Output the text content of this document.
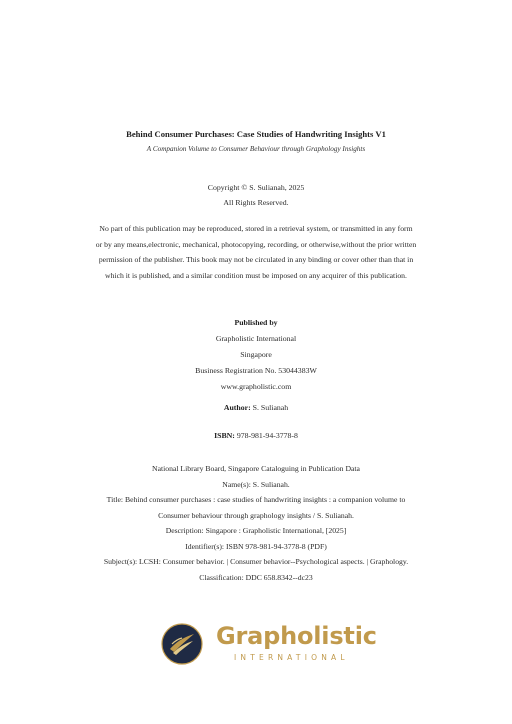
Behind Consumer Purchases: Case Studies of Handwriting Insights V1
A Companion Volume to Consumer Behaviour through Graphology Insights
Copyright © S. Sulianah, 2025
All Rights Reserved.
No part of this publication may be reproduced, stored in a retrieval system, or transmitted in any form
or by any means,electronic, mechanical, photocopying, recording, or otherwise,without the prior written
permission of the publisher. This book may not be circulated in any binding or cover other than that in
which it is published, and a similar condition must be imposed on any acquirer of this publication.
Published by
Grapholistic International
Singapore
Business Registration No. 53044383W
www.grapholistic.com
Author: S. Sulianah
ISBN: 978-981-94-3778-8
National Library Board, Singapore Cataloguing in Publication Data
Name(s): S. Sulianah.
Title: Behind consumer purchases : case studies of handwriting insights : a companion volume to
Consumer behaviour through graphology insights / S. Sulianah.
Description: Singapore : Grapholistic International, [2025]
Identifier(s): ISBN 978-981-94-3778-8 (PDF)
Subject(s): LCSH: Consumer behavior. | Consumer behavior--Psychological aspects. | Graphology.
Classification: DDC 658.8342--dc23
Grapholistic
INTERNATIONAL
